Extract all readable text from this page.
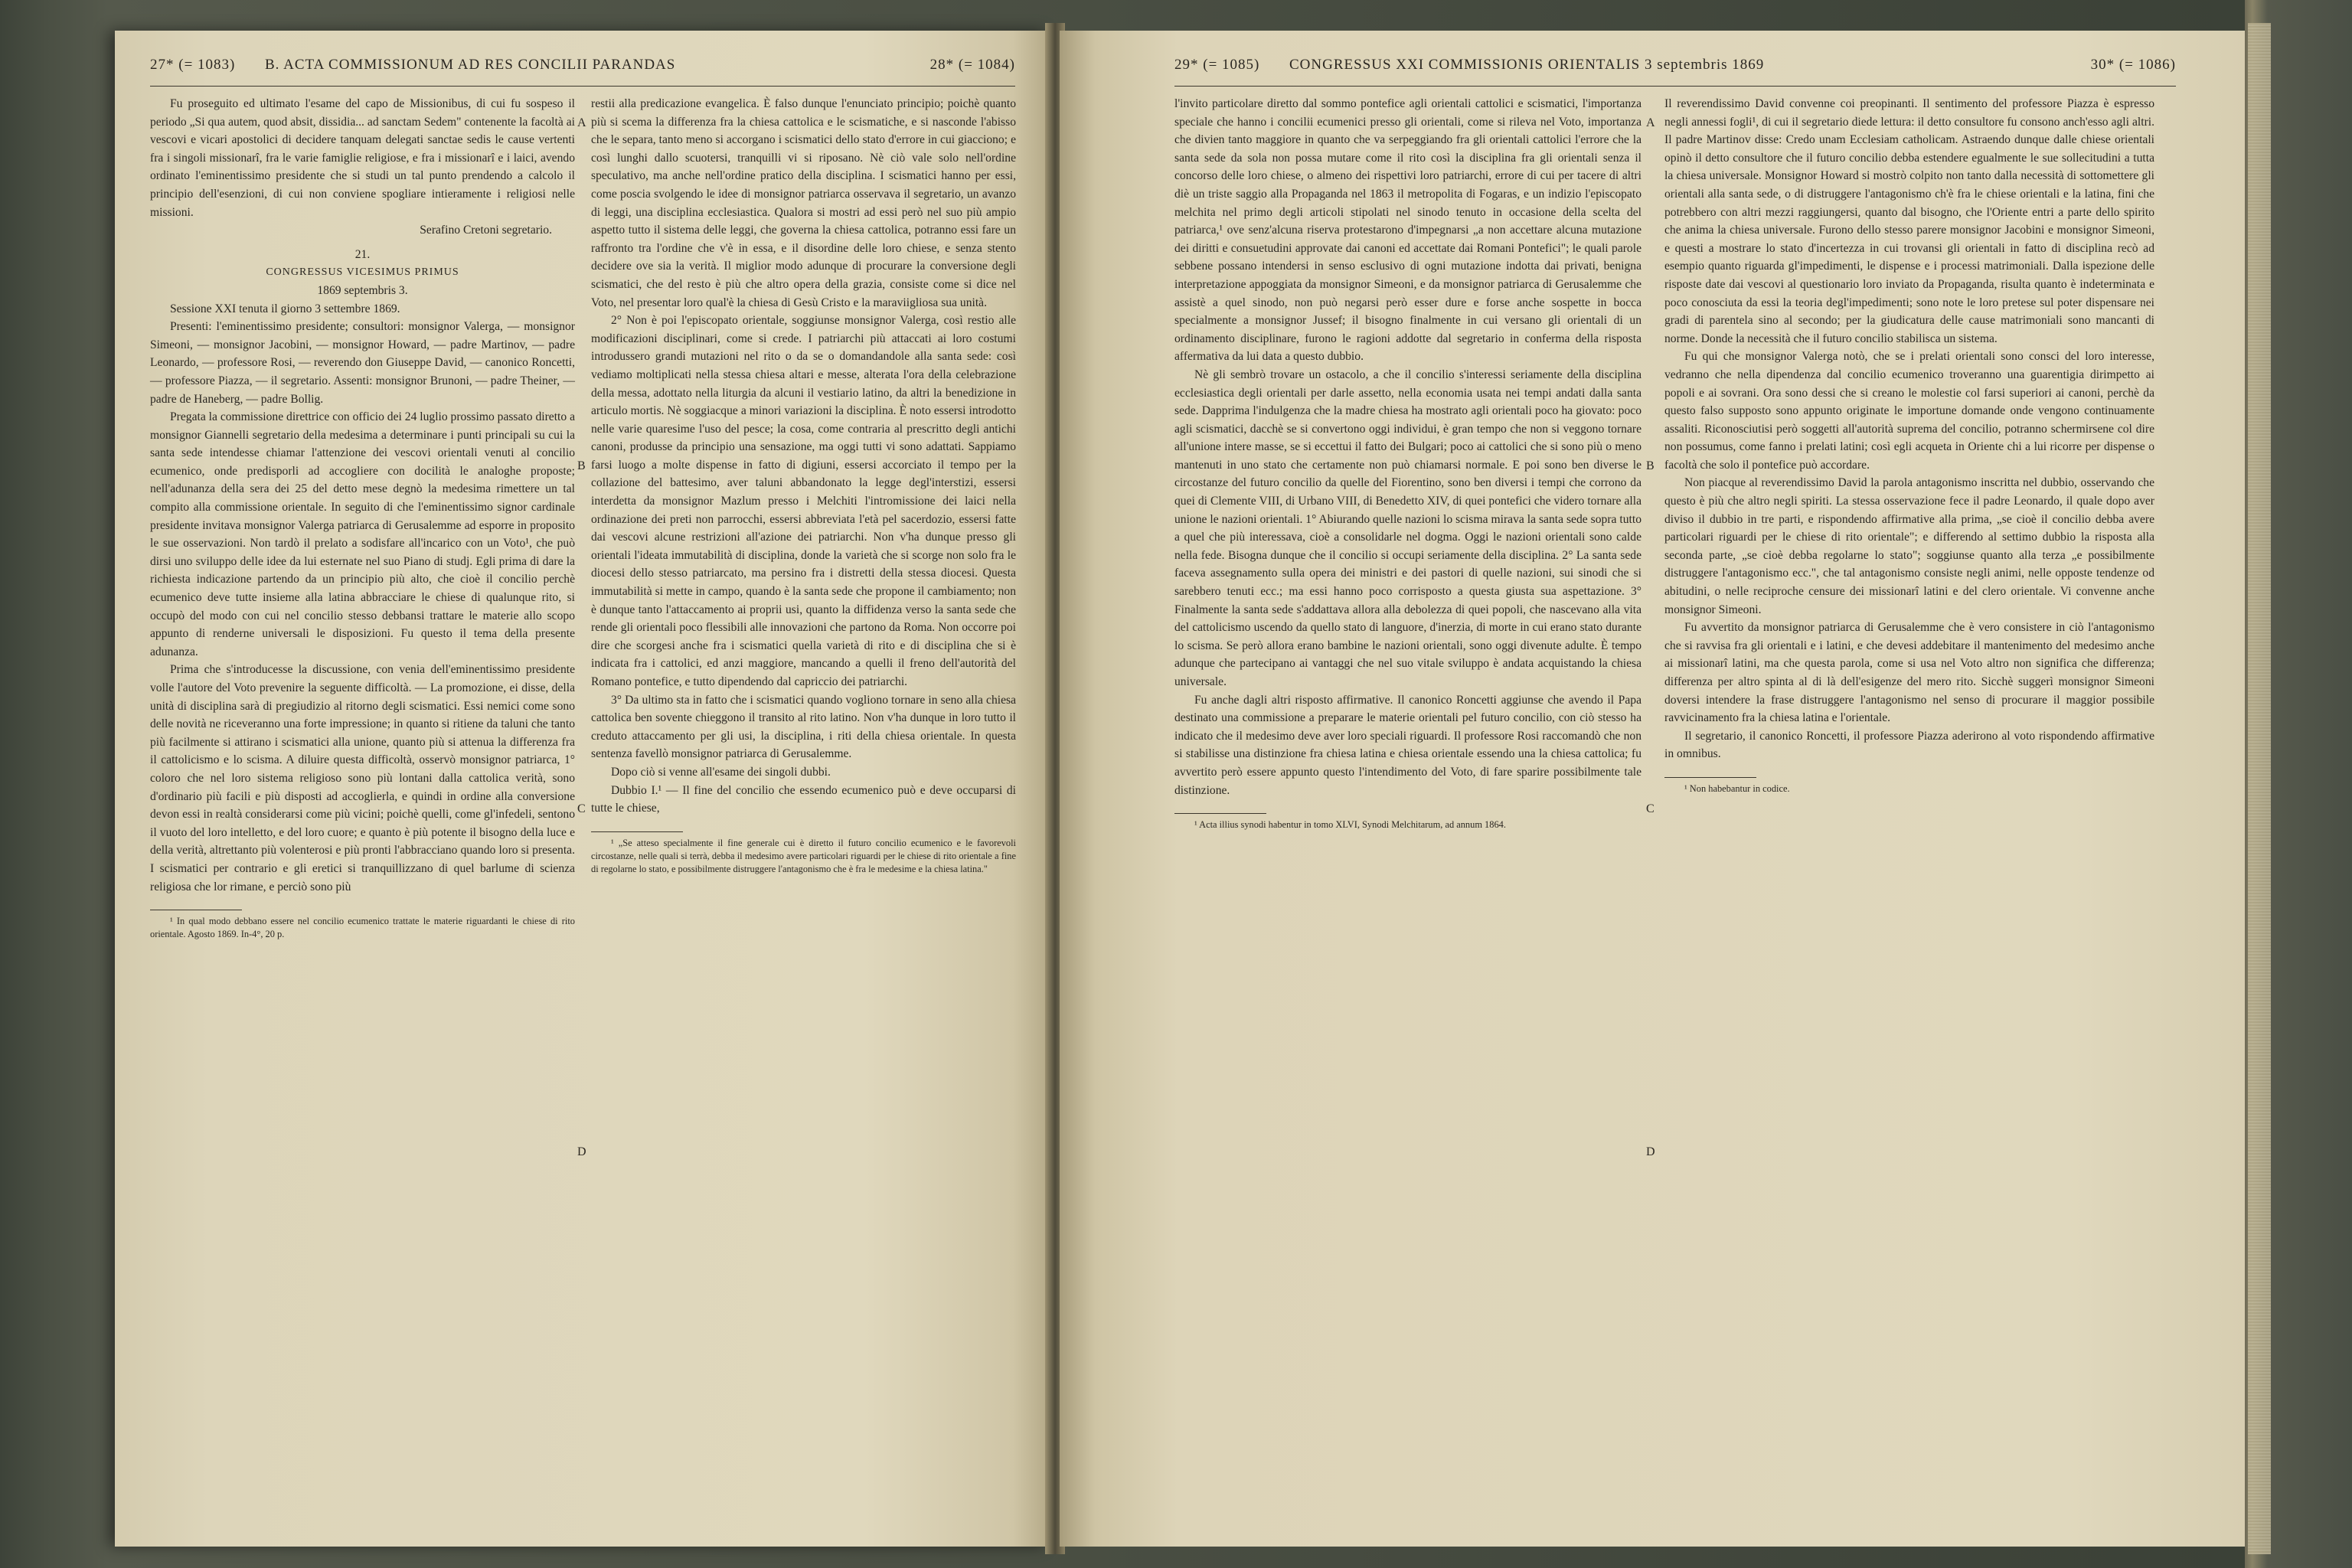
27* (= 1083) B. ACTA COMMISSIONUM AD RES CONCILII PARANDAS	28* (= 1084)

Fu proseguito ed ultimato l'esame del capo de Missionibus, di cui fu sospeso il periodo „Si qua autem, quod absit, dissidia... ad sanctam Sedem" contenente la facoltà ai vescovi e vicari apostolici di decidere tanquam delegati sanctae sedis le cause vertenti fra i singoli missionarî, fra le varie famiglie religiose, e fra i missionarî e i laici, avendo ordinato l'eminentissimo presidente che si studi un tal punto prendendo a calcolo il principio dell'esenzioni, di cui non conviene spogliare intieramente i religiosi nelle missioni.

Serafino Cretoni segretario.

21.

CONGRESSUS VICESIMUS PRIMUS

1869 septembris 3.

Sessione XXI tenuta il giorno 3 settembre 1869.

Presenti: l'eminentissimo presidente; consultori: monsignor Valerga, — monsignor Simeoni, — monsignor Jacobini, — monsignor Howard, — padre Martinov, — padre Leonardo, — professore Rosi, — reverendo don Giuseppe David, — canonico Roncetti, — professore Piazza, — il segretario. Assenti: monsignor Brunoni, — padre Theiner, — padre de Haneberg, — padre Bollig.

Pregata la commissione direttrice con officio dei 24 luglio prossimo passato diretto a monsignor Giannelli segretario della medesima a determinare i punti principali su cui la santa sede intendesse chiamar l'attenzione dei vescovi orientali venuti al concilio ecumenico, onde predisporli ad accogliere con docilità le analoghe proposte; nell'adunanza della sera dei 25 del detto mese degnò la medesima rimettere un tal compito alla commissione orientale. In seguito di che l'eminentissimo signor cardinale presidente invitava monsignor Valerga patriarca di Gerusalemme ad esporre in proposito le sue osservazioni. Non tardò il prelato a sodisfare all'incarico con un Voto¹, che può dirsi uno sviluppo delle idee da lui esternate nel suo Piano di studj. Egli prima di dare la richiesta indicazione partendo da un principio più alto, che cioè il concilio perchè ecumenico deve tutte insieme alla latina abbracciare le chiese di qualunque rito, si occupò del modo con cui nel concilio stesso debbansi trattare le materie allo scopo appunto di renderne universali le disposizioni. Fu questo il tema della presente adunanza.

Prima che s'introducesse la discussione, con venia dell'eminentissimo presidente volle l'autore del Voto prevenire la seguente difficoltà. — La promozione, ei disse, della unità di disciplina sarà di pregiudizio al ritorno degli scismatici. Essi nemici come sono delle novità ne riceveranno una forte impressione; in quanto si ritiene da taluni che tanto più facilmente si attirano i scismatici alla unione, quanto più si attenua la differenza fra il cattolicismo e lo scisma. A diluire questa difficoltà, osservò monsignor patriarca, 1° coloro che nel loro sistema religioso sono più lontani dalla cattolica verità, sono d'ordinario più facili e più disposti ad accoglierla, e quindi in ordine alla conversione devon essi in realtà considerarsi come più vicini; poichè quelli, come gl'infedeli, sentono il vuoto del loro intelletto, e del loro cuore; e quanto è più potente il bisogno della luce e della verità, altrettanto più volenterosi e più pronti l'abbracciano quando loro si presenta. I scismatici per contrario e gli eretici si tranquillizzano di quel barlume di scienza religiosa che lor rimane, e perciò sono più

¹ In qual modo debbano essere nel concilio ecumenico trattate le materie riguardanti le chiese di rito orientale. Agosto 1869. In-4°, 20 p.

A
B
C
D

restii alla predicazione evangelica. È falso dunque l'enunciato principio; poichè quanto più si scema la differenza fra la chiesa cattolica e le scismatiche, e si nasconde l'abisso che le separa, tanto meno si accorgano i scismatici dello stato d'errore in cui giacciono; e così lunghi dallo scuotersi, tranquilli vi si riposano. Nè ciò vale solo nell'ordine speculativo, ma anche nell'ordine pratico della disciplina. I scismatici hanno per essi, come poscia svolgendo le idee di monsignor patriarca osservava il segretario, un avanzo di leggi, una disciplina ecclesiastica. Qualora si mostri ad essi però nel suo più ampio aspetto tutto il sistema delle leggi, che governa la chiesa cattolica, potranno essi fare un raffronto tra l'ordine che v'è in essa, e il disordine delle loro chiese, e senza stento decidere ove sia la verità. Il miglior modo adunque di procurare la conversione degli scismatici, che del resto è più che altro opera della grazia, consiste come si dice nel Voto, nel presentar loro qual'è la chiesa di Gesù Cristo e la maraviigliosa sua unità.

2° Non è poi l'episcopato orientale, soggiunse monsignor Valerga, così restio alle modificazioni disciplinari, come si crede. I patriarchi più attaccati ai loro costumi introdussero grandi mutazioni nel rito o da se o domandandole alla santa sede: così vediamo moltiplicati nella stessa chiesa altari e messe, alterata l'ora della celebrazione della messa, adottato nella liturgia da alcuni il vestiario latino, da altri la benedizione in articulo mortis. Nè soggiacque a minori variazioni la disciplina. È noto essersi introdotto nelle varie quaresime l'uso del pesce; la cosa, come contraria al prescritto degli antichi canoni, produsse da principio una sensazione, ma oggi tutti vi sono adattati. Sappiamo farsi luogo a molte dispense in fatto di digiuni, essersi accorciato il tempo per la collazione del battesimo, aver taluni abbandonato la legge degl'interstizi, essersi interdetta da monsignor Mazlum presso i Melchiti l'intromissione dei laici nella ordinazione dei preti non parrocchi, essersi abbreviata l'età pel sacerdozio, essersi fatte dai vescovi alcune restrizioni all'azione dei patriarchi. Non v'ha dunque presso gli orientali l'ideata immutabilità di disciplina, donde la varietà che si scorge non solo fra le diocesi dello stesso patriarcato, ma persino fra i distretti della stessa diocesi. Questa immutabilità si mette in campo, quando è la santa sede che propone il cambiamento; non è dunque tanto l'attaccamento ai proprii usi, quanto la diffidenza verso la santa sede che rende gli orientali poco flessibili alle innovazioni che partono da Roma. Non occorre poi dire che scorgesi anche fra i scismatici quella varietà di rito e di disciplina che si è indicata fra i cattolici, ed anzi maggiore, mancando a quelli il freno dell'autorità del Romano pontefice, e tutto dipendendo dal capriccio dei patriarchi.

3° Da ultimo sta in fatto che i scismatici quando vogliono tornare in seno alla chiesa cattolica ben sovente chieggono il transito al rito latino. Non v'ha dunque in loro tutto il creduto attaccamento per gli usi, la disciplina, i riti della chiesa orientale. In questa sentenza favellò monsignor patriarca di Gerusalemme.

Dopo ciò si venne all'esame dei singoli dubbi.

Dubbio I.¹ — Il fine del concilio che essendo ecumenico può e deve occuparsi di tutte le chiese,

¹ „Se atteso specialmente il fine generale cui è diretto il futuro concilio ecumenico e le favorevoli circostanze, nelle quali si terrà, debba il medesimo avere particolari riguardi per le chiese di rito orientale a fine di regolarne lo stato, e possibilmente distruggere l'antagonismo che è fra le medesime e la chiesa latina."

29* (= 1085) CONGRESSUS XXI COMMISSIONIS ORIENTALIS 3 septembris 1869	30* (= 1086)

l'invito particolare diretto dal sommo pontefice agli orientali cattolici e scismatici, l'importanza speciale che hanno i concilii ecumenici presso gli orientali, come si rileva nel Voto, importanza che divien tanto maggiore in quanto che va serpeggiando fra gli orientali cattolici l'errore che la santa sede da sola non possa mutare come il rito così la disciplina fra gli orientali senza il concorso delle loro chiese, o almeno dei rispettivi loro patriarchi, errore di cui per tacere di altri diè un triste saggio alla Propaganda nel 1863 il metropolita di Fogaras, e un indizio l'episcopato melchita nel primo degli articoli stipolati nel sinodo tenuto in occasione della scelta del patriarca,¹ ove senz'alcuna riserva protestarono d'impegnarsi „a non accettare alcuna mutazione dei diritti e consuetudini approvate dai canoni ed accettate dai Romani Pontefici"; le quali parole sebbene possano intendersi in senso esclusivo di ogni mutazione indotta dai privati, benigna interpretazione appoggiata da monsignor Simeoni, e da monsignor patriarca di Gerusalemme che assistè a quel sinodo, non può negarsi però esser dure e forse anche sospette in bocca specialmente a monsignor Jussef; il bisogno finalmente in cui versano gli orientali di un ordinamento disciplinare, furono le ragioni addotte dal segretario in conferma della risposta affermativa da lui data a questo dubbio.

Nè gli sembrò trovare un ostacolo, a che il concilio s'interessi seriamente della disciplina ecclesiastica degli orientali per darle assetto, nella economia usata nei tempi andati dalla santa sede. Dapprima l'indulgenza che la madre chiesa ha mostrato agli orientali poco ha giovato: poco agli scismatici, dacchè se si convertono oggi individui, è gran tempo che non si veggono tornare all'unione intere masse, se si eccettui il fatto dei Bulgari; poco ai cattolici che si sono più o meno mantenuti in uno stato che certamente non può chiamarsi normale. E poi sono ben diverse le circostanze del futuro concilio da quelle del Fiorentino, sono ben diversi i tempi che corrono da quei di Clemente VIII, di Urbano VIII, di Benedetto XIV, di quei pontefici che videro tornare alla unione le nazioni orientali. 1° Abiurando quelle nazioni lo scisma mirava la santa sede sopra tutto a quel che più interessava, cioè a consolidarle nel dogma. Oggi le nazioni orientali sono calde nella fede. Bisogna dunque che il concilio si occupi seriamente della disciplina. 2° La santa sede faceva assegnamento sulla opera dei ministri e dei pastori di quelle nazioni, sui sinodi che si sarebbero tenuti ecc.; ma essi hanno poco corrisposto a questa giusta sua aspettazione. 3° Finalmente la santa sede s'addattava allora alla debolezza di quei popoli, che nascevano alla vita del cattolicismo uscendo da quello stato di languore, d'inerzia, di morte in cui erano stato durante lo scisma. Se però allora erano bambine le nazioni orientali, sono oggi divenute adulte. È tempo adunque che partecipano ai vantaggi che nel suo vitale sviluppo è andata acquistando la chiesa universale.

Fu anche dagli altri risposto affirmative. Il canonico Roncetti aggiunse che avendo il Papa destinato una commissione a preparare le materie orientali pel futuro concilio, con ciò stesso ha indicato che il medesimo deve aver loro speciali riguardi. Il professore Rosi raccomandò che non si stabilisse una distinzione fra chiesa latina e chiesa orientale essendo una la chiesa cattolica; fu avvertito però essere appunto questo l'intendimento del Voto, di fare sparire possibilmente tale distinzione.

¹ Acta illius synodi habentur in tomo XLVI, Synodi Melchitarum, ad annum 1864.

A
B
C
D

Il reverendissimo David convenne coi preopinanti. Il sentimento del professore Piazza è espresso negli annessi fogli¹, di cui il segretario diede lettura: il detto consultore fu consono anch'esso agli altri. Il padre Martinov disse: Credo unam Ecclesiam catholicam. Astraendo dunque dalle chiese orientali opinò il detto consultore che il futuro concilio debba estendere egualmente le sue sollecitudini a tutta la chiesa universale. Monsignor Howard si mostrò colpito non tanto dalla necessità di sottomettere gli orientali alla santa sede, o di distruggere l'antagonismo ch'è fra le chiese orientali e la latina, fini che potrebbero con altri mezzi raggiungersi, quanto dal bisogno, che l'Oriente entri a parte dello spirito che anima la chiesa universale. Furono dello stesso parere monsignor Jacobini e monsignor Simeoni, e questi a mostrare lo stato d'incertezza in cui trovansi gli orientali in fatto di disciplina recò ad esempio quanto riguarda gl'impedimenti, le dispense e i processi matrimoniali. Dalla ispezione delle risposte date dai vescovi al questionario loro inviato da Propaganda, risulta quanto è indeterminata e poco conosciuta da essi la teoria degl'impedimenti; sono note le loro pretese sul poter dispensare nei gradi di parentela sino al secondo; per la giudicatura delle cause matrimoniali sono mancanti di norme. Donde la necessità che il futuro concilio stabilisca un sistema.

Fu qui che monsignor Valerga notò, che se i prelati orientali sono consci del loro interesse, vedranno che nella dipendenza dal concilio ecumenico troveranno una guarentigia dirimpetto ai popoli e ai sovrani. Ora sono dessi che si creano le molestie col farsi superiori ai canoni, perchè da questo falso supposto sono appunto originate le importune domande onde vengono continuamente assaliti. Riconosciutisi però soggetti all'autorità suprema del concilio, potranno schermirsene col dire non possumus, come fanno i prelati latini; così egli acqueta in Oriente chi a lui ricorre per dispense o facoltà che solo il pontefice può accordare.

Non piacque al reverendissimo David la parola antagonismo inscritta nel dubbio, osservando che questo è più che altro negli spiriti. La stessa osservazione fece il padre Leonardo, il quale dopo aver diviso il dubbio in tre parti, e rispondendo affirmative alla prima, „se cioè il concilio debba avere particolari riguardi per le chiese di rito orientale"; e differendo al settimo dubbio la risposta alla seconda parte, „se cioè debba regolarne lo stato"; soggiunse quanto alla terza „e possibilmente distruggere l'antagonismo ecc.", che tal antagonismo consiste negli animi, nelle opposte tendenze od abitudini, o nelle reciproche censure dei missionarî latini e del clero orientale. Vi convenne anche monsignor Simeoni.

Fu avvertito da monsignor patriarca di Gerusalemme che è vero consistere in ciò l'antagonismo che si ravvisa fra gli orientali e i latini, e che devesi addebitare il mantenimento del medesimo anche ai missionarî latini, ma che questa parola, come si usa nel Voto altro non significa che differenza; differenza per altro spinta al di là dell'esigenze del mero rito. Sicchè suggerì monsignor Simeoni doversi intendere la frase distruggere l'antagonismo nel senso di procurare il maggior possibile ravvicinamento fra la chiesa latina e l'orientale.

Il segretario, il canonico Roncetti, il professore Piazza aderirono al voto rispondendo affirmative in omnibus.

¹ Non habebantur in codice.
